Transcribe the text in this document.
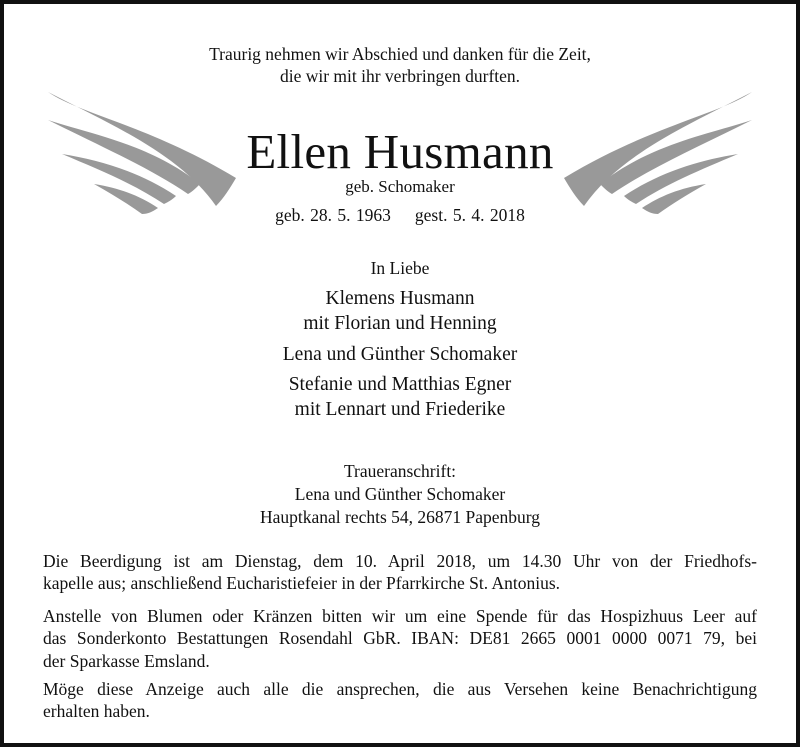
Traurig nehmen wir Abschied und danken für die Zeit,
die wir mit ihr verbringen durften.
Ellen Husmann
geb. Schomaker
geb. 28. 5. 1963 gest. 5. 4. 2018
In Liebe
Klemens Husmann
mit Florian und Henning
Lena und Günther Schomaker
Stefanie und Matthias Egner
mit Lennart und Friederike
Traueranschrift:
Lena und Günther Schomaker
Hauptkanal rechts 54, 26871 Papenburg
Die Beerdigung ist am Dienstag, dem 10. April 2018, um 14.30 Uhr von der Friedhofs-
kapelle aus; anschließend Eucharistiefeier in der Pfarrkirche St. Antonius.
Anstelle von Blumen oder Kränzen bitten wir um eine Spende für das Hospizhuus Leer auf
das Sonderkonto Bestattungen Rosendahl GbR. IBAN: DE81 2665 0001 0000 0071 79, bei
der Sparkasse Emsland.
Möge diese Anzeige auch alle die ansprechen, die aus Versehen keine Benachrichtigung
erhalten haben.
